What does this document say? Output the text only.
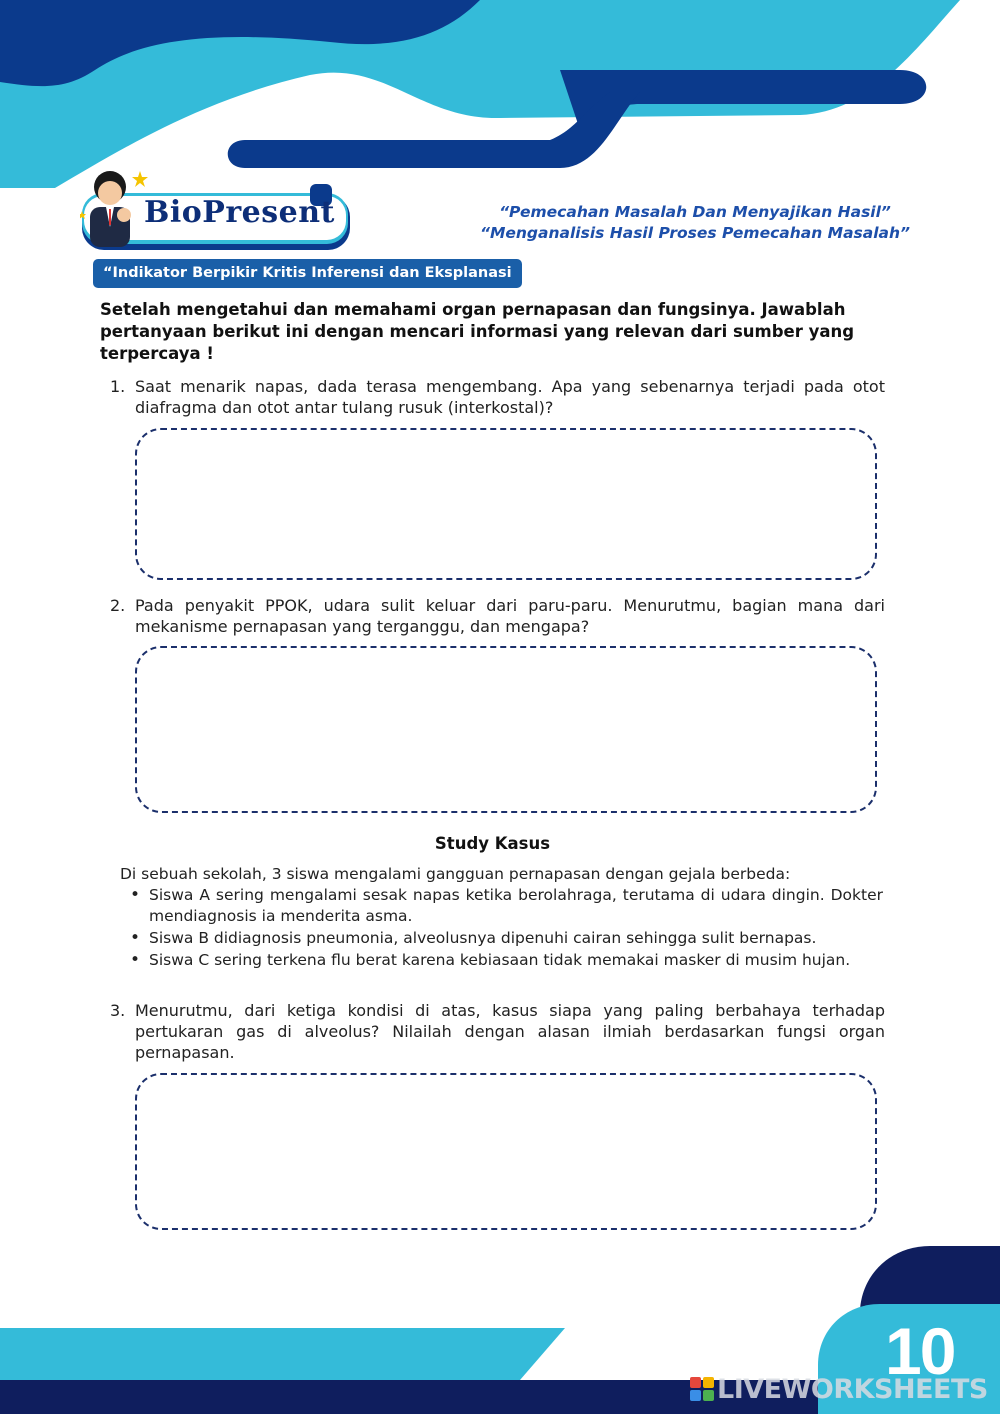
BioPresent	“Pemecahan Masalah Dan Menyajikan Hasil”
“Menganalisis Hasil Proses Pemecahan Masalah”
“Indikator Berpikir Kritis Inferensi dan Eksplanasi
Setelah mengetahui dan memahami organ pernapasan dan fungsinya. Jawablah pertanyaan berikut ini dengan mencari informasi yang relevan dari sumber yang terpercaya !
1. Saat menarik napas, dada terasa mengembang. Apa yang sebenarnya terjadi pada otot diafragma dan otot antar tulang rusuk (interkostal)?
2. Pada penyakit PPOK, udara sulit keluar dari paru-paru. Menurutmu, bagian mana dari mekanisme pernapasan yang terganggu, dan mengapa?
Study Kasus
Di sebuah sekolah, 3 siswa mengalami gangguan pernapasan dengan gejala berbeda:
• Siswa A sering mengalami sesak napas ketika berolahraga, terutama di udara dingin. Dokter mendiagnosis ia menderita asma.
• Siswa B didiagnosis pneumonia, alveolusnya dipenuhi cairan sehingga sulit bernapas.
• Siswa C sering terkena flu berat karena kebiasaan tidak memakai masker di musim hujan.
3. Menurutmu, dari ketiga kondisi di atas, kasus siapa yang paling berbahaya terhadap pertukaran gas di alveolus? Nilailah dengan alasan ilmiah berdasarkan fungsi organ pernapasan.
10
LIVEWORKSHEETS
